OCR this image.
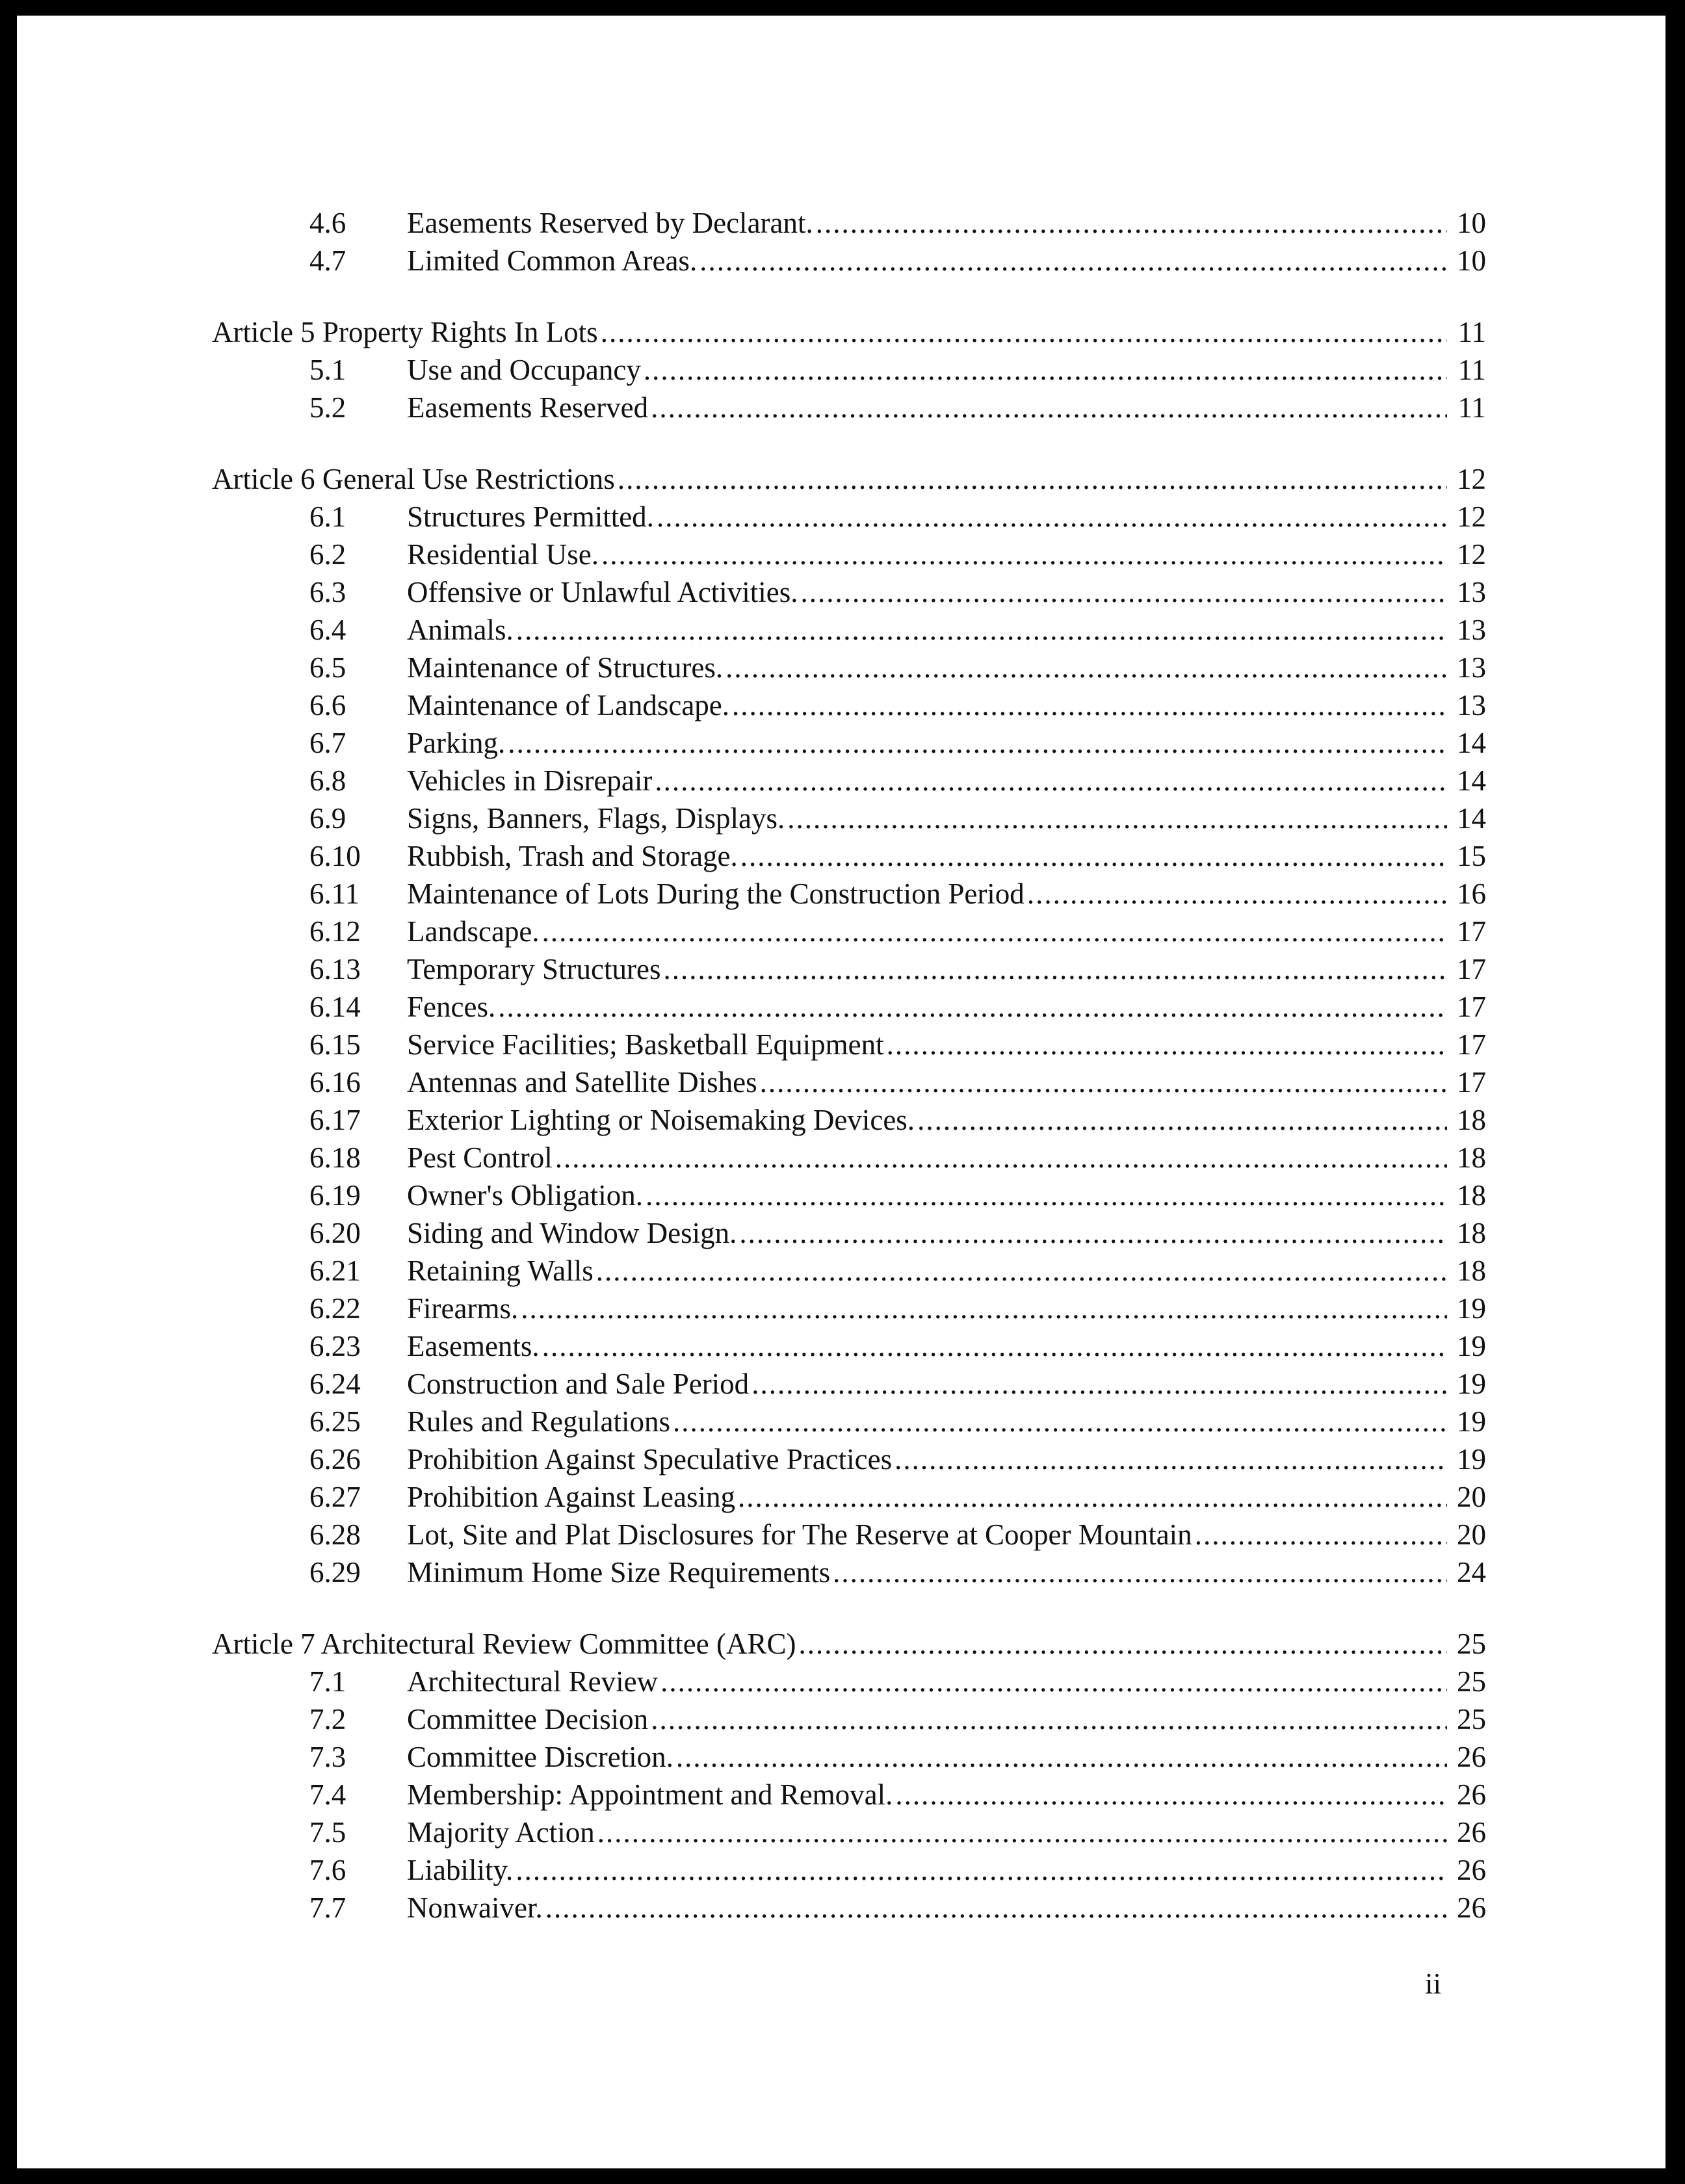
4.6	Easements Reserved by Declarant. .....	10
4.7	Limited Common Areas. .....	10
Article 5 Property Rights In Lots .....	11
5.1	Use and Occupancy .....	11
5.2	Easements Reserved .....	11
Article 6 General Use Restrictions .....	12
6.1	Structures Permitted. .....	12
6.2	Residential Use. .....	12
6.3	Offensive or Unlawful Activities. .....	13
6.4	Animals. .....	13
6.5	Maintenance of Structures. .....	13
6.6	Maintenance of Landscape. .....	13
6.7	Parking. .....	14
6.8	Vehicles in Disrepair .....	14
6.9	Signs, Banners, Flags, Displays. .....	14
6.10	Rubbish, Trash and Storage. .....	15
6.11	Maintenance of Lots During the Construction Period .....	16
6.12	Landscape. .....	17
6.13	Temporary Structures .....	17
6.14	Fences. .....	17
6.15	Service Facilities; Basketball Equipment .....	17
6.16	Antennas and Satellite Dishes .....	17
6.17	Exterior Lighting or Noisemaking Devices. .....	18
6.18	Pest Control .....	18
6.19	Owner's Obligation. .....	18
6.20	Siding and Window Design. .....	18
6.21	Retaining Walls .....	18
6.22	Firearms. .....	19
6.23	Easements. .....	19
6.24	Construction and Sale Period .....	19
6.25	Rules and Regulations .....	19
6.26	Prohibition Against Speculative Practices .....	19
6.27	Prohibition Against Leasing .....	20
6.28	Lot, Site and Plat Disclosures for The Reserve at Cooper Mountain .....	20
6.29	Minimum Home Size Requirements .....	24
Article 7 Architectural Review Committee (ARC) .....	25
7.1	Architectural Review .....	25
7.2	Committee Decision .....	25
7.3	Committee Discretion. .....	26
7.4	Membership: Appointment and Removal. .....	26
7.5	Majority Action .....	26
7.6	Liability. .....	26
7.7	Nonwaiver. .....	26
ii
